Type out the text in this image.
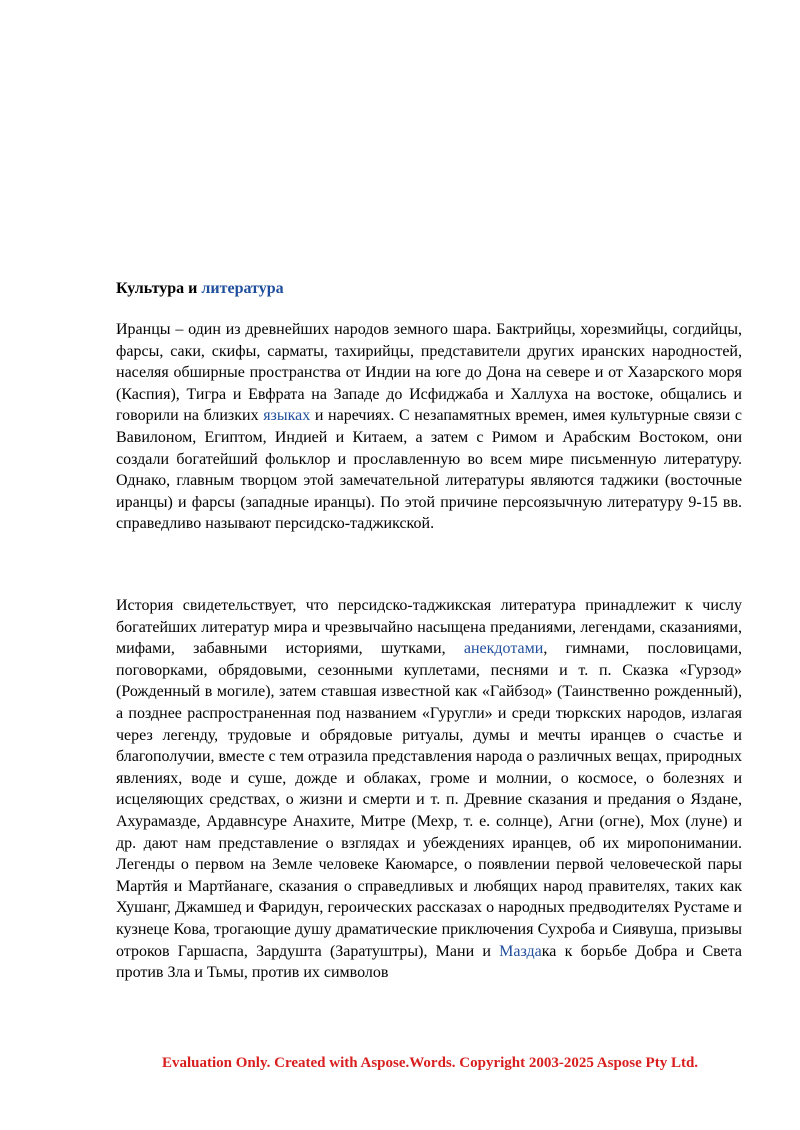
Культура и литература
Иранцы – один из древнейших народов земного шара. Бактрийцы, хорезмийцы, согдийцы, фарсы, саки, скифы, сарматы, тахирийцы, представители других иранских народностей, населяя обширные пространства от Индии на юге до Дона на севере и от Хазарского моря (Каспия), Тигра и Евфрата на Западе до Исфиджаба и Халлуха на востоке, общались и говорили на близких языках и наречиях. С незапамятных времен, имея культурные связи с Вавилоном, Египтом, Индией и Китаем, а затем с Римом и Арабским Востоком, они создали богатейший фольклор и прославленную во всем мире письменную литературу. Однако, главным творцом этой замечательной литературы являются таджики (восточные иранцы) и фарсы (западные иранцы). По этой причине персоязычную литературу 9-15 вв. справедливо называют персидско-таджикской.
История свидетельствует, что персидско-таджикская литература принадлежит к числу богатейших литератур мира и чрезвычайно насыщена преданиями, легендами, сказаниями, мифами, забавными историями, шутками, анекдотами, гимнами, пословицами, поговорками, обрядовыми, сезонными куплетами, песнями и т. п. Сказка «Гурзод» (Рожденный в могиле), затем ставшая известной как «Гайбзод» (Таинственно рожденный), а позднее распространенная под названием «Гуругли» и среди тюркских народов, излагая через легенду, трудовые и обрядовые ритуалы, думы и мечты иранцев о счастье и благополучии, вместе с тем отразила представления народа о различных вещах, природных явлениях, воде и суше, дожде и облаках, громе и молнии, о космосе, о болезнях и исцеляющих средствах, о жизни и смерти и т. п. Древние сказания и предания о Яздане, Ахурамазде, Ардавнсуре Анахите, Митре (Мехр, т. е. солнце), Агни (огне), Мох (луне) и др. дают нам представление о взглядах и убеждениях иранцев, об их миропонимании. Легенды о первом на Земле человеке Каюмарсе, о появлении первой человеческой пары Мартйя и Мартйанаге, сказания о справедливых и любящих народ правителях, таких как Хушанг, Джамшед и Фаридун, героических рассказах о народных предводителях Рустаме и кузнеце Кова, трогающие душу драматические приключения Сухроба и Сиявуша, призывы отроков Гаршаспа, Зардушта (Заратуштры), Мани и Маздака к борьбе Добра и Света против Зла и Тьмы, против их символов
Evaluation Only. Created with Aspose.Words. Copyright 2003-2025 Aspose Pty Ltd.
